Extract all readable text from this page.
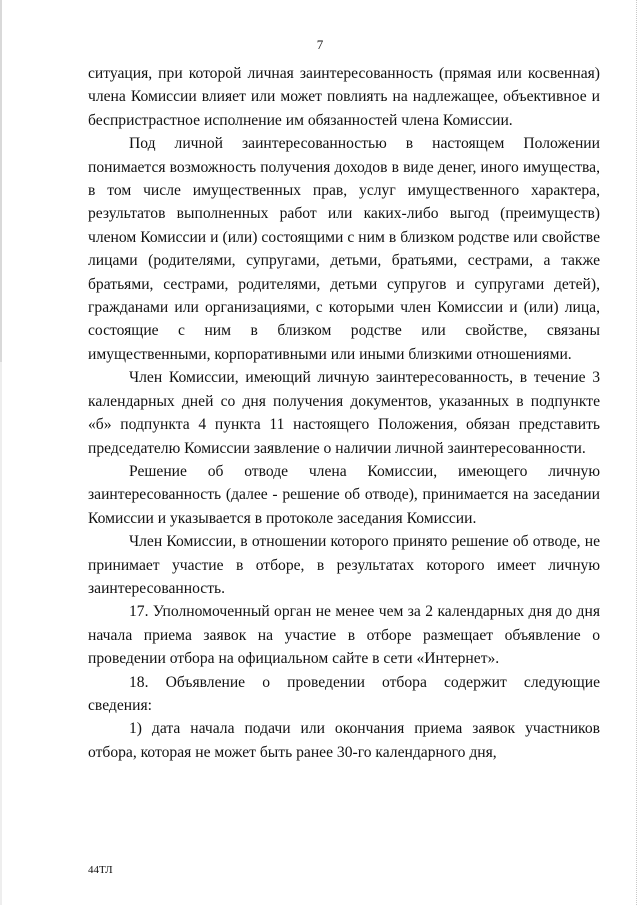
7

ситуация, при которой личная заинтересованность (прямая или косвенная) члена Комиссии влияет или может повлиять на надлежащее, объективное и беспристрастное исполнение им обязанностей члена Комиссии.

Под личной заинтересованностью в настоящем Положении понимается возможность получения доходов в виде денег, иного имущества, в том числе имущественных прав, услуг имущественного характера, результатов выполненных работ или каких-либо выгод (преимуществ) членом Комиссии и (или) состоящими с ним в близком родстве или свойстве лицами (родителями, супругами, детьми, братьями, сестрами, а также братьями, сестрами, родителями, детьми супругов и супругами детей), гражданами или организациями, с которыми член Комиссии и (или) лица, состоящие с ним в близком родстве или свойстве, связаны имущественными, корпоративными или иными близкими отношениями.

Член Комиссии, имеющий личную заинтересованность, в течение 3 календарных дней со дня получения документов, указанных в подпункте «б» подпункта 4 пункта 11 настоящего Положения, обязан представить председателю Комиссии заявление о наличии личной заинтересованности.

Решение об отводе члена Комиссии, имеющего личную заинтересованность (далее - решение об отводе), принимается на заседании Комиссии и указывается в протоколе заседания Комиссии.

Член Комиссии, в отношении которого принято решение об отводе, не принимает участие в отборе, в результатах которого имеет личную заинтересованность.

17. Уполномоченный орган не менее чем за 2 календарных дня до дня начала приема заявок на участие в отборе размещает объявление о проведении отбора на официальном сайте в сети «Интернет».

18. Объявление о проведении отбора содержит следующие сведения:

1) дата начала подачи или окончания приема заявок участников отбора, которая не может быть ранее 30-го календарного дня,

44ТЛ
